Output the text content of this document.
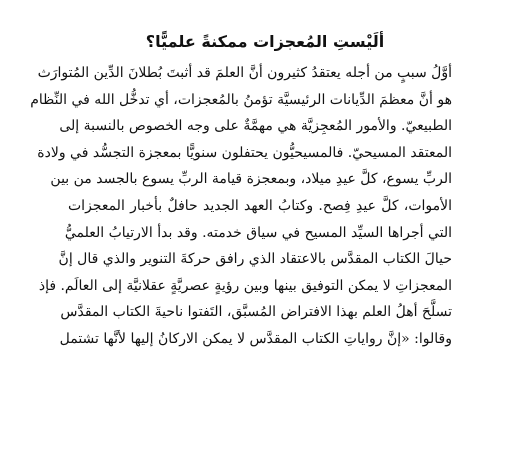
ألَيْستِ المُعجزات ممكنةً علميًّا؟
أوَّلُ سببٍ من أجله يعتقدُ كثيرون أنَّ العلمَ قد أثبتَ بُطلانَ الدِّين المُتوارَث
هو أنَّ معظمَ الدِّيانات الرئيسيَّة تؤمنُ بالمُعجزات، أي تدخُّل الله في النِّظام
الطبيعيّ. والأمور المُعجِزيَّة هي مهمَّةٌ على وجه الخصوص بالنسبة إلى
المعتقد المسيحيّ. فالمسيحيُّون يحتفلون سنويًّا بمعجزة التجسُّد في ولادة
الربِّ يسوع، كلَّ عيدِ ميلاد، وبمعجزة قيامة الربِّ يسوع بالجسد من بين
الأموات، كلَّ عيدِ فِصح. وكتابُ العهد الجديد حافلٌ بأخبار المعجزات
التي أجراها السيِّد المسيح في سياق خدمته. وقد بدأ الارتيابُ العلميُّ
حيالَ الكتاب المقدَّس بالاعتقاد الذي رافق حركةَ التنوير والذي قال إنَّ
المعجزاتِ لا يمكن التوفيق بينها وبين رؤيةٍ عصريَّةٍ عقلانيَّة إلى العالَم. فإذ
تسلَّحَ أهلُ العلم بهذا الافتراض المُسبَّق، التَفتوا ناحيةَ الكتاب المقدَّس
وقالوا: «إنَّ رواياتِ الكتاب المقدَّس لا يمكن الاركانُ إليها لأنَّها تشتمل
